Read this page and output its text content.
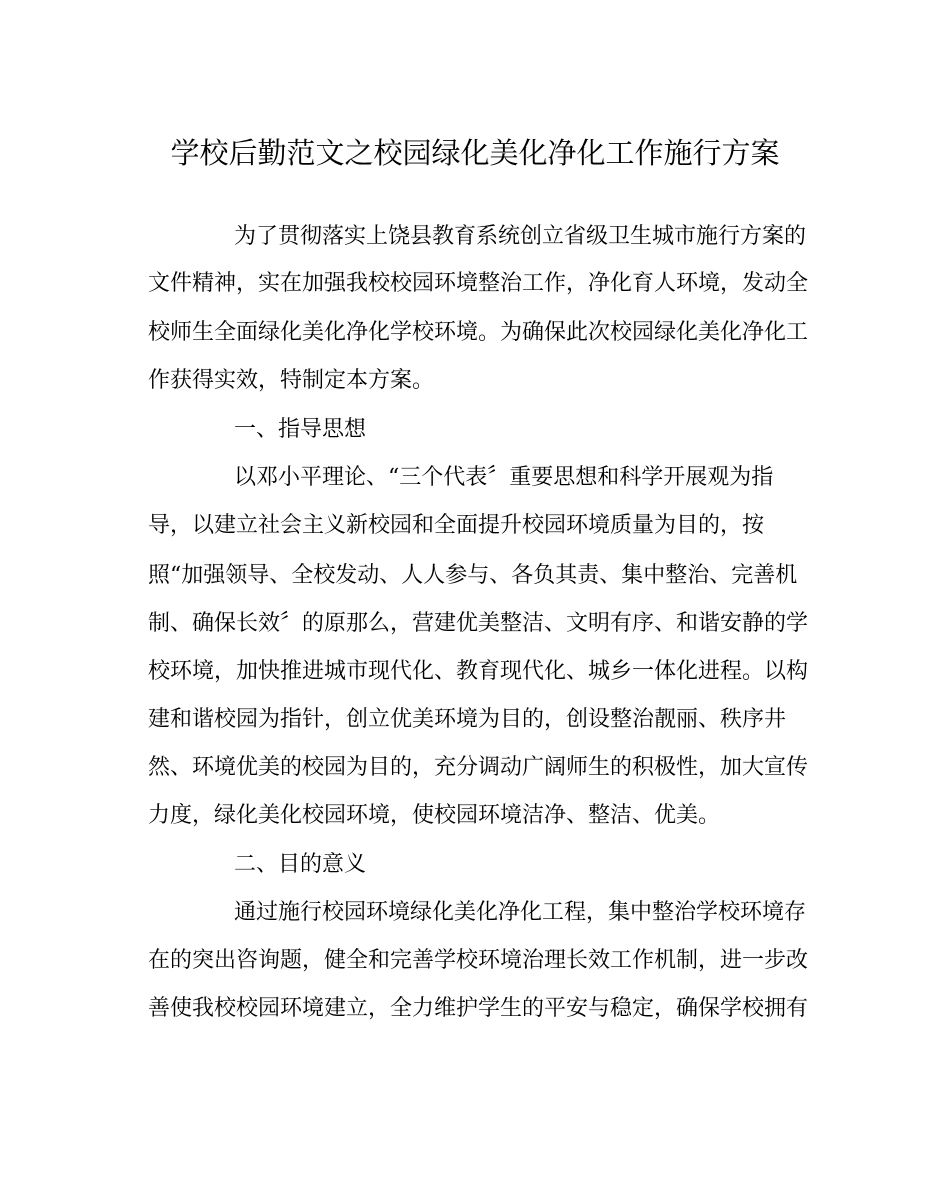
学校后勤范文之校园绿化美化净化工作施行方案

为了贯彻落实上饶县教育系统创立省级卫生城市施行方案的

文件精神，实在加强我校校园环境整治工作，净化育人环境，发动全

校师生全面绿化美化净化学校环境。为确保此次校园绿化美化净化工

作获得实效，特制定本方案。

一、指导思想

以邓小平理论、“三个代表〞重要思想和科学开展观为指

导，以建立社会主义新校园和全面提升校园环境质量为目的，按

照“加强领导、全校发动、人人参与、各负其责、集中整治、完善机

制、确保长效〞的原那么，营建优美整洁、文明有序、和谐安静的学

校环境，加快推进城市现代化、教育现代化、城乡一体化进程。以构

建和谐校园为指针，创立优美环境为目的，创设整治靓丽、秩序井

然、环境优美的校园为目的，充分调动广阔师生的积极性，加大宣传

力度，绿化美化校园环境，使校园环境洁净、整洁、优美。

二、目的意义

通过施行校园环境绿化美化净化工程，集中整治学校环境存

在的突出咨询题，健全和完善学校环境治理长效工作机制，进一步改

善使我校校园环境建立，全力维护学生的平安与稳定，确保学校拥有
